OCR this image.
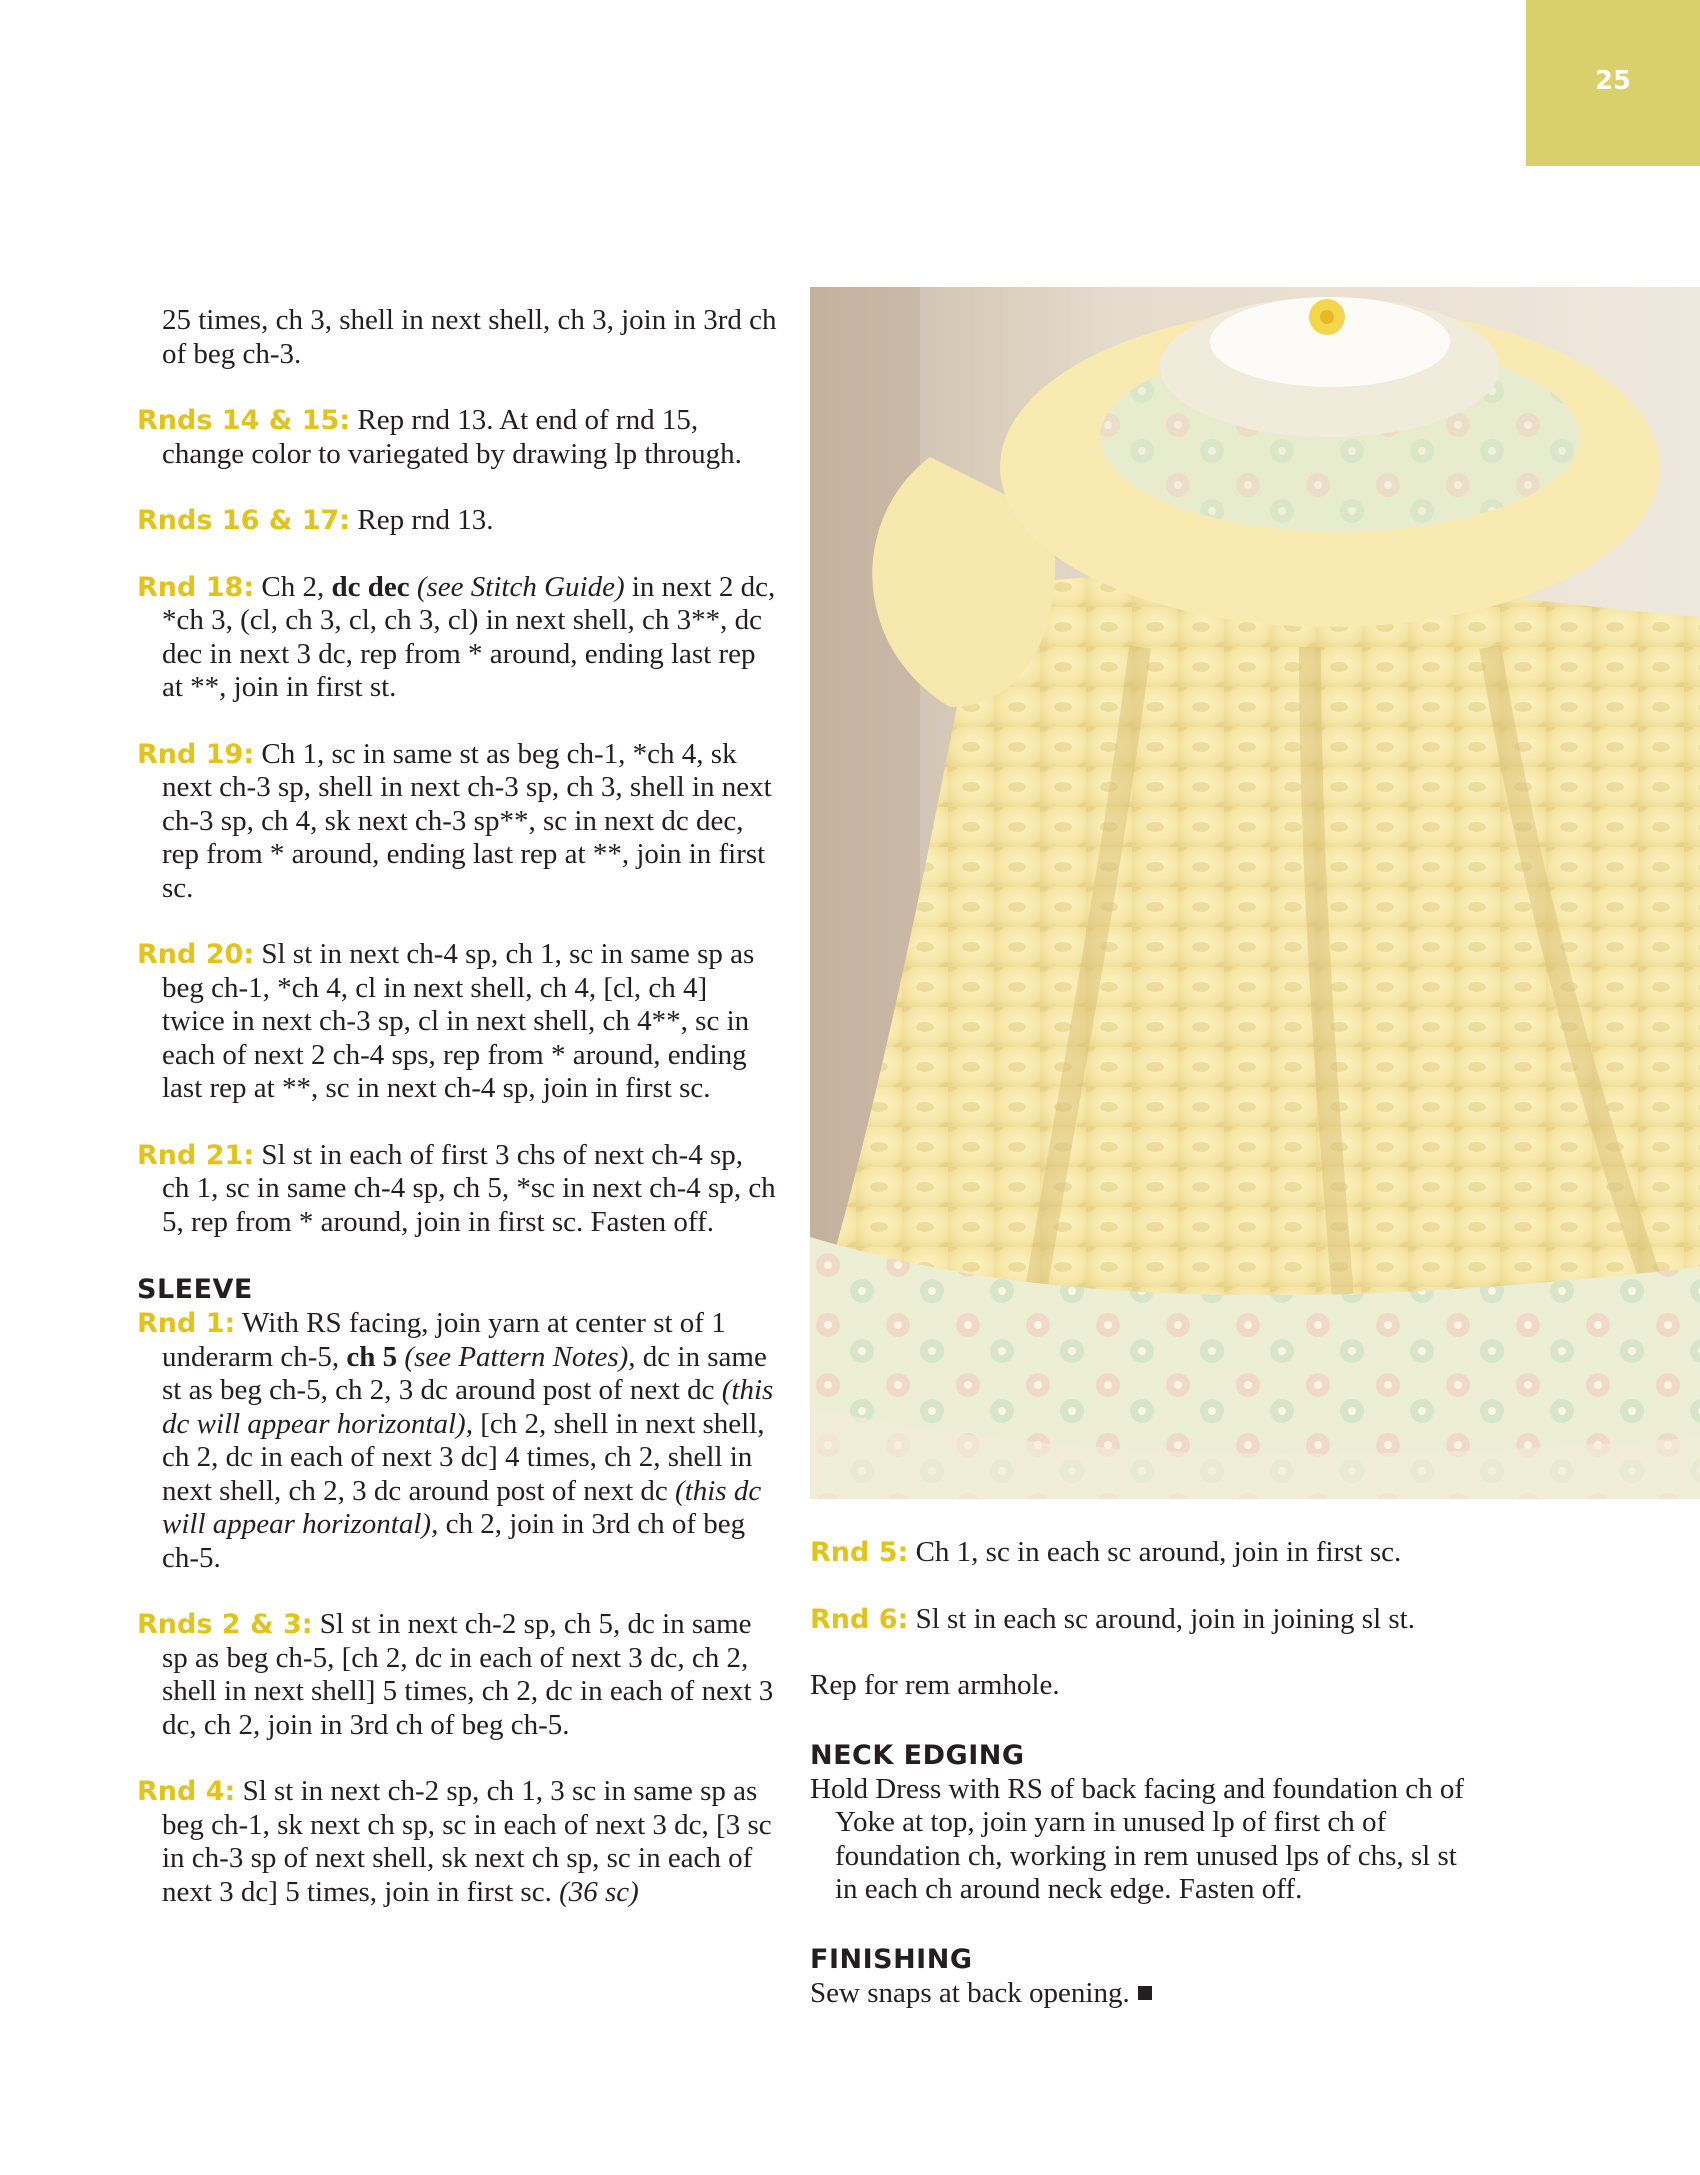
25

25 times, ch 3, shell in next shell, ch 3, join in 3rd ch of beg ch-3.

Rnds 14 & 15: Rep rnd 13. At end of rnd 15, change color to variegated by drawing lp through.

Rnds 16 & 17: Rep rnd 13.

Rnd 18: Ch 2, dc dec (see Stitch Guide) in next 2 dc, *ch 3, (cl, ch 3, cl, ch 3, cl) in next shell, ch 3**, dc dec in next 3 dc, rep from * around, ending last rep at **, join in first st.

Rnd 19: Ch 1, sc in same st as beg ch-1, *ch 4, sk next ch-3 sp, shell in next ch-3 sp, ch 3, shell in next ch-3 sp, ch 4, sk next ch-3 sp**, sc in next dc dec, rep from * around, ending last rep at **, join in first sc.

Rnd 20: Sl st in next ch-4 sp, ch 1, sc in same sp as beg ch-1, *ch 4, cl in next shell, ch 4, [cl, ch 4] twice in next ch-3 sp, cl in next shell, ch 4**, sc in each of next 2 ch-4 sps, rep from * around, ending last rep at **, sc in next ch-4 sp, join in first sc.

Rnd 21: Sl st in each of first 3 chs of next ch-4 sp, ch 1, sc in same ch-4 sp, ch 5, *sc in next ch-4 sp, ch 5, rep from * around, join in first sc. Fasten off.

SLEEVE

Rnd 1: With RS facing, join yarn at center st of 1 underarm ch-5, ch 5 (see Pattern Notes), dc in same st as beg ch-5, ch 2, 3 dc around post of next dc (this dc will appear horizontal), [ch 2, shell in next shell, ch 2, dc in each of next 3 dc] 4 times, ch 2, shell in next shell, ch 2, 3 dc around post of next dc (this dc will appear horizontal), ch 2, join in 3rd ch of beg ch-5.

Rnds 2 & 3: Sl st in next ch-2 sp, ch 5, dc in same sp as beg ch-5, [ch 2, dc in each of next 3 dc, ch 2, shell in next shell] 5 times, ch 2, dc in each of next 3 dc, ch 2, join in 3rd ch of beg ch-5.

Rnd 4: Sl st in next ch-2 sp, ch 1, 3 sc in same sp as beg ch-1, sk next ch sp, sc in each of next 3 dc, [3 sc in ch-3 sp of next shell, sk next ch sp, sc in each of next 3 dc] 5 times, join in first sc. (36 sc)

Rnd 5: Ch 1, sc in each sc around, join in first sc.

Rnd 6: Sl st in each sc around, join in joining sl st.

Rep for rem armhole.

NECK EDGING

Hold Dress with RS of back facing and foundation ch of Yoke at top, join yarn in unused lp of first ch of foundation ch, working in rem unused lps of chs, sl st in each ch around neck edge. Fasten off.

FINISHING

Sew snaps at back opening.
